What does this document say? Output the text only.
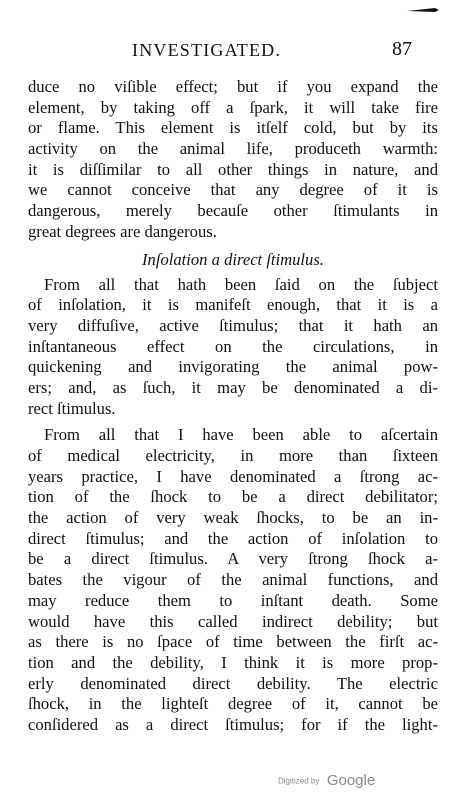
INVESTIGATED.	87
duce no viſible effect; but if you expand the
element, by taking off a ſpark, it will take fire
or flame. This element is itſelf cold, but by its
activity on the animal life, produceth warmth:
it is diſſimilar to all other things in nature, and
we cannot conceive that any degree of it is
dangerous, merely becauſe other ſtimulants in
great degrees are dangerous.
Inſolation a direct ſtimulus.
From all that hath been ſaid on the ſubject
of inſolation, it is manifeſt enough, that it is a
very diffuſive, active ſtimulus; that it hath an
inſtantaneous effect on the circulations, in
quickening and invigorating the animal pow-
ers; and, as ſuch, it may be denominated a di-
rect ſtimulus.
From all that I have been able to aſcertain
of medical electricity, in more than ſixteen
years practice, I have denominated a ſtrong ac-
tion of the ſhock to be a direct debilitator;
the action of very weak ſhocks, to be an in-
direct ſtimulus; and the action of inſolation to
be a direct ſtimulus. A very ſtrong ſhock a-
bates the vigour of the animal functions, and
may reduce them to inſtant death. Some
would have this called indirect debility; but
as there is no ſpace of time between the firſt ac-
tion and the debility, I think it is more prop-
erly denominated direct debility. The electric
ſhock, in the lighteſt degree of it, cannot be
conſidered as a direct ſtimulus; for if the light-
Digitized by Google
